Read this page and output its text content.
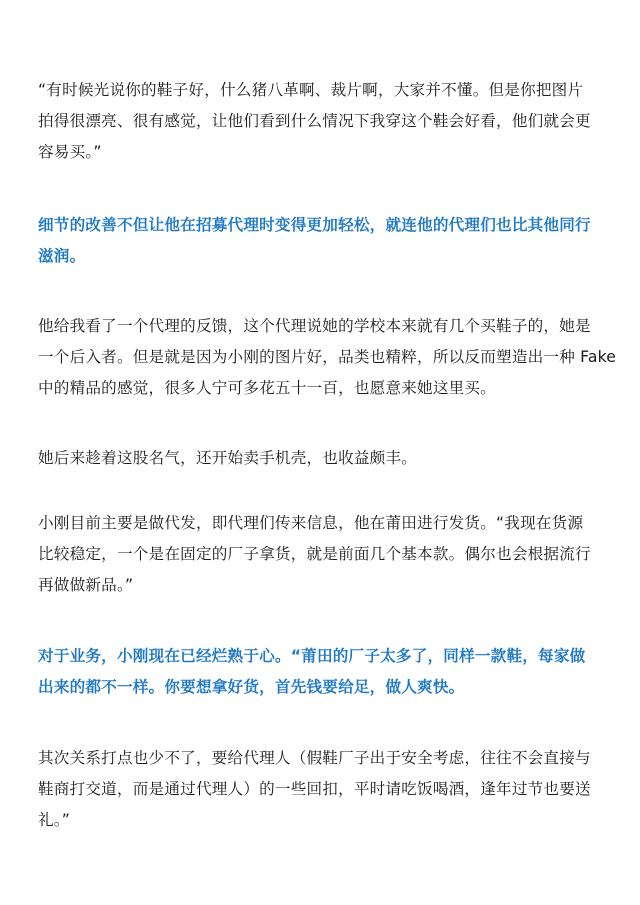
“有时候光说你的鞋子好，什么猪八革啊、裁片啊，大家并不懂。但是你把图片
拍得很漂亮、很有感觉，让他们看到什么情况下我穿这个鞋会好看，他们就会更
容易买。”

细节的改善不但让他在招募代理时变得更加轻松，就连他的代理们也比其他同行
滋润。

他给我看了一个代理的反馈，这个代理说她的学校本来就有几个买鞋子的，她是
一个后入者。但是就是因为小刚的图片好，品类也精粹，所以反而塑造出一种 Fake
中的精品的感觉，很多人宁可多花五十一百，也愿意来她这里买。

她后来趁着这股名气，还开始卖手机壳，也收益颇丰。

小刚目前主要是做代发，即代理们传来信息，他在莆田进行发货。“我现在货源
比较稳定，一个是在固定的厂子拿货，就是前面几个基本款。偶尔也会根据流行
再做做新品。”

对于业务，小刚现在已经烂熟于心。“莆田的厂子太多了，同样一款鞋，每家做
出来的都不一样。你要想拿好货，首先钱要给足，做人爽快。

其次关系打点也少不了，要给代理人（假鞋厂子出于安全考虑，往往不会直接与
鞋商打交道，而是通过代理人）的一些回扣，平时请吃饭喝酒，逢年过节也要送
礼。”
